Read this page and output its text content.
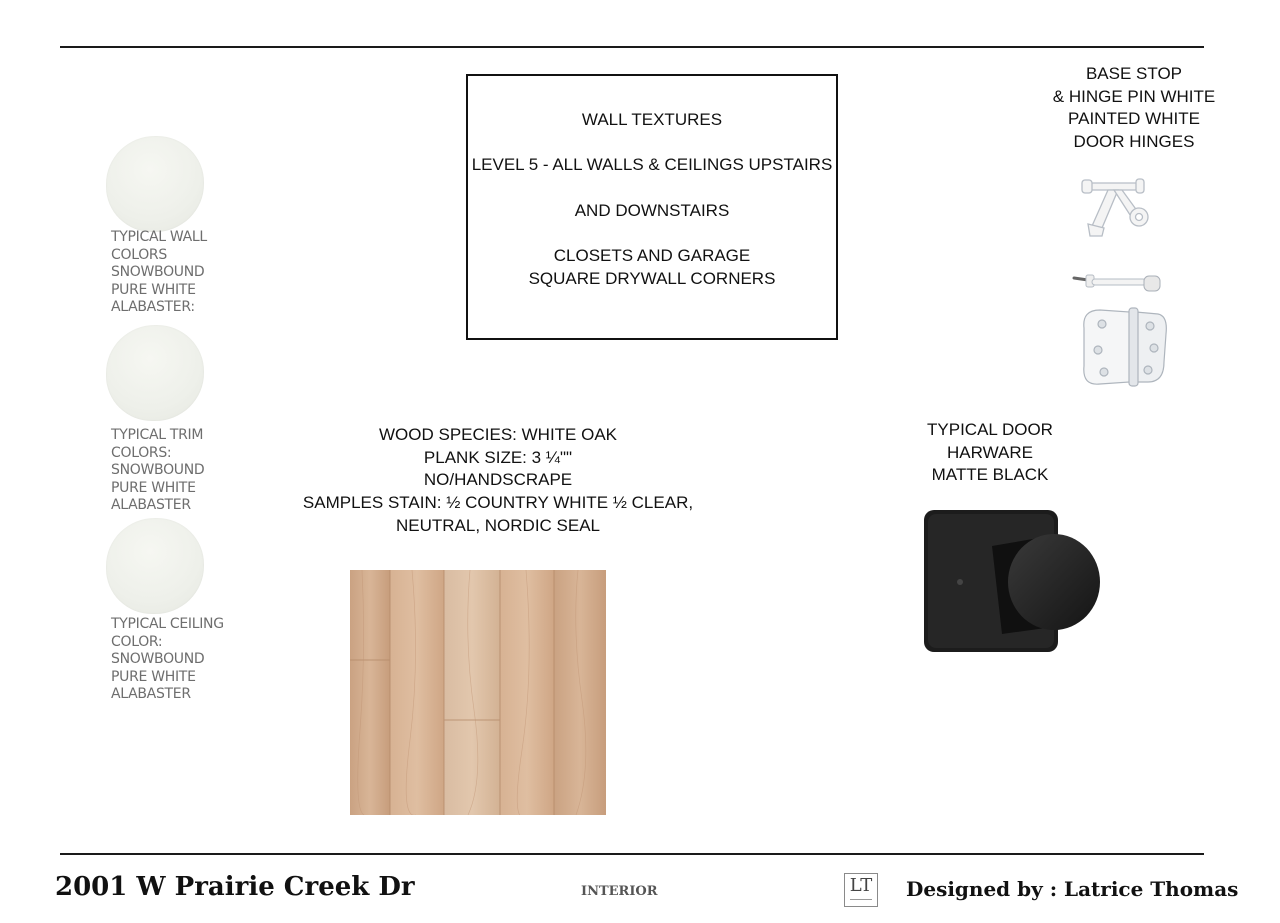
TYPICAL WALL
COLORS
SNOWBOUND
PURE WHITE
ALABASTER:
TYPICAL TRIM
COLORS:
SNOWBOUND
PURE WHITE
ALABASTER
TYPICAL CEILING
COLOR:
SNOWBOUND
PURE WHITE
ALABASTER
WALL TEXTURES
LEVEL 5 - ALL WALLS & CEILINGS UPSTAIRS
AND DOWNSTAIRS
CLOSETS AND GARAGE
SQUARE DRYWALL CORNERS
BASE STOP
& HINGE PIN WHITE
PAINTED WHITE
DOOR HINGES
WOOD SPECIES: WHITE OAK
PLANK SIZE: 3 ¼""
NO/HANDSCRAPE
SAMPLES STAIN: ½ COUNTRY WHITE ½ CLEAR,
NEUTRAL, NORDIC SEAL
TYPICAL DOOR
HARWARE
MATTE BLACK
2001 W Prairie Creek Dr	INTERIOR	LT Designed by : Latrice Thomas
